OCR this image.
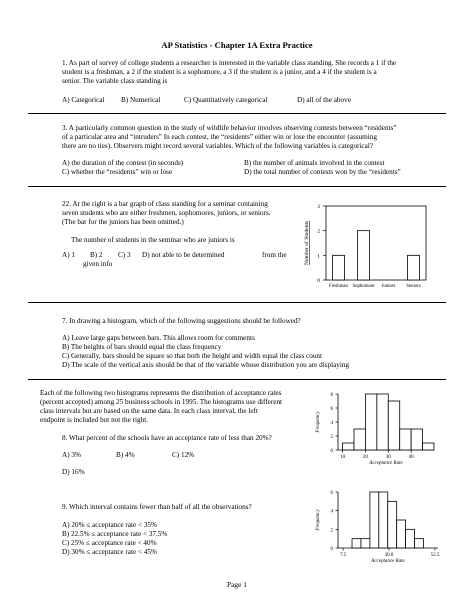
AP Statistics - Chapter 1A Extra Practice
1. As part of survey of college students a researcher is interested in the variable class standing. She records a 1 if the
student is a freshman, a 2 if the student is a sophomore, a 3 if the student is a junior, and a 4 if the student is a
senior. The variable class standing is
A) Categorical B) Numerical	C) Quantitatively categorical	D) all of the above
3. A particularly common question in the study of wildlife behavior involves observing contests between “residents”
of a particular area and “intruders” In each contest, the “residents” either win or lose the encounter (assuming
there are no ties). Observers might record several variables. Which of the following variables is categorical?
A) the duration of the contest (in seconds)	B) the number of animals involved in the contest
C) whether the “residents” win or lose	D) the total number of contests won by the “residents”
22. At the right is a bar graph of class standing for a seminar containing
seven students who are either freshmen, sophomores, juniors, or seniors.
(The bar for the juniors has been omitted.)
The number of students in the seminar who are juniors is
A) 1 B) 2 C) 3 D) not able to be determined	from the
given info
0
1
2
3
Freshman Sophomore Juniors Seniors
Number of Students
7. In drawing a histogram, which of the following suggestions should be followed?
A) Leave large gaps between bars. This allows room for comments
B) The heights of bars should equal the class frequency
C) Generally, bars should be square so that both the height and width equal the class count
D) The scale of the vertical axis should be that of the variable whose distribution you are displaying
Each of the following two histograms represents the distribution of acceptance rates
(percent accepted) among 25 business schools in 1995. The histograms use different
class intervals but are based on the same data. In each class interval, the left
endpoint is included but not the right.
8. What percent of the schools have an acceptance rate of less than 20%?
A) 3%	B) 4%	C) 12%
D) 16%
9. Which interval contains fewer than half of all the observations?
A) 20% ≤ acceptance rate < 35%
B) 22.5% ≤ acceptance rate < 37.5%
C) 25% ≤ acceptance rate < 40%
D) 30% ≤ acceptance rate < 45%
0
2
4
6
8
10	20	30	40
Acceptance Rate
Frequency
0
2
4
6
7.5	30.0	52.5
Acceptance Rate
Frequency
Page 1
